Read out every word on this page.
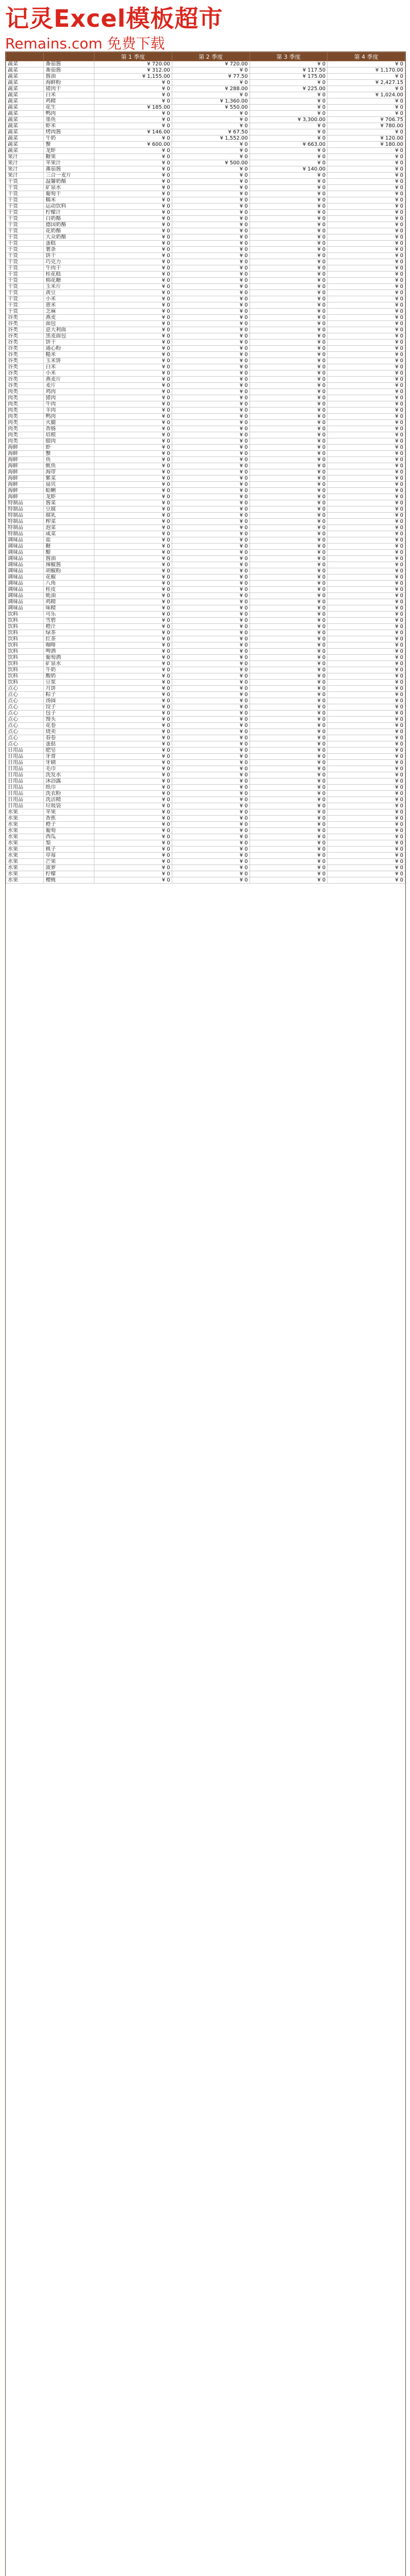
记灵Excel模板超市
Remains.com 免费下载
		第 1 季度	第 2 季度	第 3 季度	第 4 季度
蔬菜	番茄酱	¥ 720.00	¥ 720.00	¥ 0	¥ 0
蔬菜	番茄酱	¥ 312.00	¥ 0	¥ 117.50	¥ 1,170.00
蔬菜	酱油	¥ 1,155.00	¥ 77.50	¥ 175.00	¥ 0
蔬菜	海鲜粉	¥ 0	¥ 0	¥ 0	¥ 2,427.15
蔬菜	猪肉干	¥ 0	¥ 288.00	¥ 225.00	¥ 0
蔬菜	白米	¥ 0	¥ 0	¥ 0	¥ 1,024.00
蔬菜	鸡精	¥ 0	¥ 1,360.00	¥ 0	¥ 0
蔬菜	花生	¥ 185.00	¥ 550.00	¥ 0	¥ 0
蔬菜	鸭肉	¥ 0	¥ 0	¥ 0	¥ 0
蔬菜	墨鱼	¥ 0	¥ 0	¥ 3,300.00	¥ 706.75
蔬菜	虾米	¥ 0	¥ 0	¥ 0	¥ 780.00
蔬菜	烤肉酱	¥ 146.00	¥ 67.50	¥ 0	¥ 0
蔬菜	牛奶	¥ 0	¥ 1,552.00	¥ 0	¥ 120.00
蔬菜	蟹	¥ 600.00	¥ 0	¥ 663.00	¥ 180.00
蔬菜	龙虾	¥ 0	¥ 0	¥ 0	¥ 0
果汁	糖果	¥ 0	¥ 0	¥ 0	¥ 0
果汁	苹果汁	¥ 0	¥ 500.00	¥ 0	¥ 0
果汁	蕃茄酱	¥ 0	¥ 0	¥ 140.00	¥ 0
果汁	三合一麦片	¥ 0	¥ 0	¥ 0	¥ 0
干货	温馨奶酪	¥ 0	¥ 0	¥ 0	¥ 0
干货	矿泉水	¥ 0	¥ 0	¥ 0	¥ 0
干货	葡萄干	¥ 0	¥ 0	¥ 0	¥ 0
干货	糯米	¥ 0	¥ 0	¥ 0	¥ 0
干货	运动饮料	¥ 0	¥ 0	¥ 0	¥ 0
干货	柠檬汁	¥ 0	¥ 0	¥ 0	¥ 0
干货	白奶酪	¥ 0	¥ 0	¥ 0	¥ 0
干货	德国奶酪	¥ 0	¥ 0	¥ 0	¥ 0
干货	花奶酪	¥ 0	¥ 0	¥ 0	¥ 0
干货	大众奶酪	¥ 0	¥ 0	¥ 0	¥ 0
干货	蛋糕	¥ 0	¥ 0	¥ 0	¥ 0
干货	薯条	¥ 0	¥ 0	¥ 0	¥ 0
干货	饼干	¥ 0	¥ 0	¥ 0	¥ 0
干货	巧克力	¥ 0	¥ 0	¥ 0	¥ 0
干货	牛肉干	¥ 0	¥ 0	¥ 0	¥ 0
干货	桂花糕	¥ 0	¥ 0	¥ 0	¥ 0
干货	棉花糖	¥ 0	¥ 0	¥ 0	¥ 0
干货	玉米片	¥ 0	¥ 0	¥ 0	¥ 0
干货	黄豆	¥ 0	¥ 0	¥ 0	¥ 0
干货	小米	¥ 0	¥ 0	¥ 0	¥ 0
干货	薏米	¥ 0	¥ 0	¥ 0	¥ 0
干货	芝麻	¥ 0	¥ 0	¥ 0	¥ 0
谷类	燕麦	¥ 0	¥ 0	¥ 0	¥ 0
谷类	面包	¥ 0	¥ 0	¥ 0	¥ 0
谷类	意大利面	¥ 0	¥ 0	¥ 0	¥ 0
谷类	黑麦面包	¥ 0	¥ 0	¥ 0	¥ 0
谷类	饼干	¥ 0	¥ 0	¥ 0	¥ 0
谷类	通心粉	¥ 0	¥ 0	¥ 0	¥ 0
谷类	糙米	¥ 0	¥ 0	¥ 0	¥ 0
谷类	玉米饼	¥ 0	¥ 0	¥ 0	¥ 0
谷类	白米	¥ 0	¥ 0	¥ 0	¥ 0
谷类	小米	¥ 0	¥ 0	¥ 0	¥ 0
谷类	燕麦片	¥ 0	¥ 0	¥ 0	¥ 0
谷类	麦片	¥ 0	¥ 0	¥ 0	¥ 0
肉类	鸡肉	¥ 0	¥ 0	¥ 0	¥ 0
肉类	猪肉	¥ 0	¥ 0	¥ 0	¥ 0
肉类	牛肉	¥ 0	¥ 0	¥ 0	¥ 0
肉类	羊肉	¥ 0	¥ 0	¥ 0	¥ 0
肉类	鸭肉	¥ 0	¥ 0	¥ 0	¥ 0
肉类	火腿	¥ 0	¥ 0	¥ 0	¥ 0
肉类	香肠	¥ 0	¥ 0	¥ 0	¥ 0
肉类	培根	¥ 0	¥ 0	¥ 0	¥ 0
肉类	腊肉	¥ 0	¥ 0	¥ 0	¥ 0
海鲜	虾	¥ 0	¥ 0	¥ 0	¥ 0
海鲜	蟹	¥ 0	¥ 0	¥ 0	¥ 0
海鲜	鱼	¥ 0	¥ 0	¥ 0	¥ 0
海鲜	鱿鱼	¥ 0	¥ 0	¥ 0	¥ 0
海鲜	海带	¥ 0	¥ 0	¥ 0	¥ 0
海鲜	紫菜	¥ 0	¥ 0	¥ 0	¥ 0
海鲜	扇贝	¥ 0	¥ 0	¥ 0	¥ 0
海鲜	蛤蜊	¥ 0	¥ 0	¥ 0	¥ 0
海鲜	龙虾	¥ 0	¥ 0	¥ 0	¥ 0
特制品	酱菜	¥ 0	¥ 0	¥ 0	¥ 0
特制品	豆腐	¥ 0	¥ 0	¥ 0	¥ 0
特制品	腐乳	¥ 0	¥ 0	¥ 0	¥ 0
特制品	榨菜	¥ 0	¥ 0	¥ 0	¥ 0
特制品	泡菜	¥ 0	¥ 0	¥ 0	¥ 0
特制品	咸菜	¥ 0	¥ 0	¥ 0	¥ 0
调味品	盐	¥ 0	¥ 0	¥ 0	¥ 0
调味品	糖	¥ 0	¥ 0	¥ 0	¥ 0
调味品	醋	¥ 0	¥ 0	¥ 0	¥ 0
调味品	酱油	¥ 0	¥ 0	¥ 0	¥ 0
调味品	辣椒酱	¥ 0	¥ 0	¥ 0	¥ 0
调味品	胡椒粉	¥ 0	¥ 0	¥ 0	¥ 0
调味品	花椒	¥ 0	¥ 0	¥ 0	¥ 0
调味品	八角	¥ 0	¥ 0	¥ 0	¥ 0
调味品	桂皮	¥ 0	¥ 0	¥ 0	¥ 0
调味品	蚝油	¥ 0	¥ 0	¥ 0	¥ 0
调味品	鸡精	¥ 0	¥ 0	¥ 0	¥ 0
调味品	味精	¥ 0	¥ 0	¥ 0	¥ 0
饮料	可乐	¥ 0	¥ 0	¥ 0	¥ 0
饮料	雪碧	¥ 0	¥ 0	¥ 0	¥ 0
饮料	橙汁	¥ 0	¥ 0	¥ 0	¥ 0
饮料	绿茶	¥ 0	¥ 0	¥ 0	¥ 0
饮料	红茶	¥ 0	¥ 0	¥ 0	¥ 0
饮料	咖啡	¥ 0	¥ 0	¥ 0	¥ 0
饮料	啤酒	¥ 0	¥ 0	¥ 0	¥ 0
饮料	葡萄酒	¥ 0	¥ 0	¥ 0	¥ 0
饮料	矿泉水	¥ 0	¥ 0	¥ 0	¥ 0
饮料	牛奶	¥ 0	¥ 0	¥ 0	¥ 0
饮料	酸奶	¥ 0	¥ 0	¥ 0	¥ 0
饮料	豆浆	¥ 0	¥ 0	¥ 0	¥ 0
点心	月饼	¥ 0	¥ 0	¥ 0	¥ 0
点心	粽子	¥ 0	¥ 0	¥ 0	¥ 0
点心	汤圆	¥ 0	¥ 0	¥ 0	¥ 0
点心	饺子	¥ 0	¥ 0	¥ 0	¥ 0
点心	包子	¥ 0	¥ 0	¥ 0	¥ 0
点心	馒头	¥ 0	¥ 0	¥ 0	¥ 0
点心	花卷	¥ 0	¥ 0	¥ 0	¥ 0
点心	烧卖	¥ 0	¥ 0	¥ 0	¥ 0
点心	春卷	¥ 0	¥ 0	¥ 0	¥ 0
点心	蛋挞	¥ 0	¥ 0	¥ 0	¥ 0
日用品	肥皂	¥ 0	¥ 0	¥ 0	¥ 0
日用品	牙膏	¥ 0	¥ 0	¥ 0	¥ 0
日用品	牙刷	¥ 0	¥ 0	¥ 0	¥ 0
日用品	毛巾	¥ 0	¥ 0	¥ 0	¥ 0
日用品	洗发水	¥ 0	¥ 0	¥ 0	¥ 0
日用品	沐浴露	¥ 0	¥ 0	¥ 0	¥ 0
日用品	纸巾	¥ 0	¥ 0	¥ 0	¥ 0
日用品	洗衣粉	¥ 0	¥ 0	¥ 0	¥ 0
日用品	洗洁精	¥ 0	¥ 0	¥ 0	¥ 0
日用品	垃圾袋	¥ 0	¥ 0	¥ 0	¥ 0
水果	苹果	¥ 0	¥ 0	¥ 0	¥ 0
水果	香蕉	¥ 0	¥ 0	¥ 0	¥ 0
水果	橙子	¥ 0	¥ 0	¥ 0	¥ 0
水果	葡萄	¥ 0	¥ 0	¥ 0	¥ 0
水果	西瓜	¥ 0	¥ 0	¥ 0	¥ 0
水果	梨	¥ 0	¥ 0	¥ 0	¥ 0
水果	桃子	¥ 0	¥ 0	¥ 0	¥ 0
水果	草莓	¥ 0	¥ 0	¥ 0	¥ 0
水果	芒果	¥ 0	¥ 0	¥ 0	¥ 0
水果	菠萝	¥ 0	¥ 0	¥ 0	¥ 0
水果	柠檬	¥ 0	¥ 0	¥ 0	¥ 0
水果	樱桃	¥ 0	¥ 0	¥ 0	¥ 0
